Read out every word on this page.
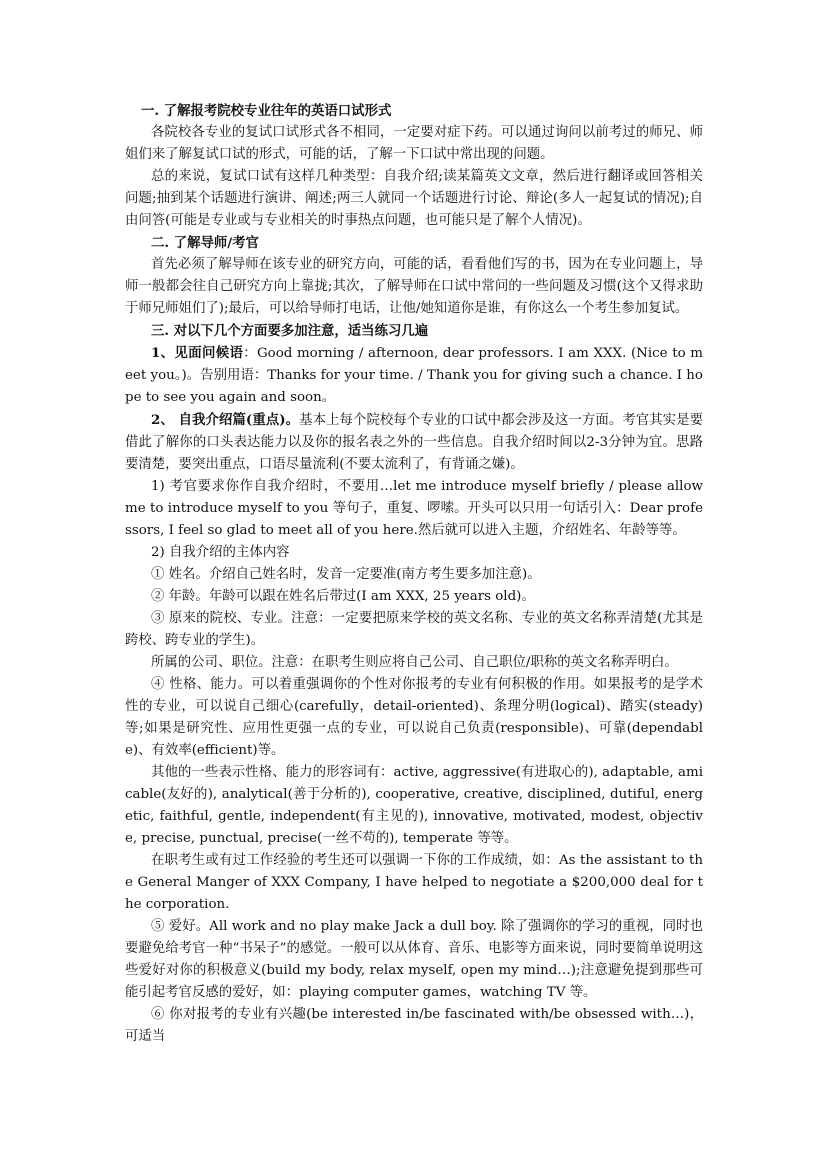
一. 了解报考院校专业往年的英语口试形式

各院校各专业的复试口试形式各不相同，一定要对症下药。可以通过询问以前考过的师兄、师姐们来了解复试口试的形式，可能的话，了解一下口试中常出现的问题。

总的来说，复试口试有这样几种类型：自我介绍;读某篇英文文章，然后进行翻译或回答相关问题;抽到某个话题进行演讲、阐述;两三人就同一个话题进行讨论、辩论(多人一起复试的情况);自由问答(可能是专业或与专业相关的时事热点问题，也可能只是了解个人情况)。

二. 了解导师/考官

首先必须了解导师在该专业的研究方向，可能的话，看看他们写的书，因为在专业问题上，导师一般都会往自己研究方向上靠拢;其次，了解导师在口试中常问的一些问题及习惯(这个又得求助于师兄师姐们了);最后，可以给导师打电话，让他/她知道你是谁，有你这么一个考生参加复试。

三. 对以下几个方面要多加注意，适当练习几遍

1、见面问候语：Good morning / afternoon, dear professors. I am XXX. (Nice to meet you。)。告别用语：Thanks for your time. / Thank you for giving such a chance. I hope to see you again and soon。

2、 自我介绍篇(重点)。基本上每个院校每个专业的口试中都会涉及这一方面。考官其实是要借此了解你的口头表达能力以及你的报名表之外的一些信息。自我介绍时间以2-3分钟为宜。思路要清楚，要突出重点，口语尽量流利(不要太流利了，有背诵之嫌)。

1) 考官要求你作自我介绍时，不要用…let me introduce myself briefly / please allow me to introduce myself to you 等句子，重复、啰嗦。开头可以只用一句话引入：Dear professors, I feel so glad to meet all of you here.然后就可以进入主题，介绍姓名、年龄等等。

2) 自我介绍的主体内容

① 姓名。介绍自己姓名时，发音一定要准(南方考生要多加注意)。

② 年龄。年龄可以跟在姓名后带过(I am XXX, 25 years old)。

③ 原来的院校、专业。注意：一定要把原来学校的英文名称、专业的英文名称弄清楚(尤其是跨校、跨专业的学生)。

所属的公司、职位。注意：在职考生则应将自己公司、自己职位/职称的英文名称弄明白。

④ 性格、能力。可以着重强调你的个性对你报考的专业有何积极的作用。如果报考的是学术性的专业，可以说自己细心(carefully，detail-oriented)、条理分明(logical)、踏实(steady)等;如果是研究性、应用性更强一点的专业，可以说自己负责(responsible)、可靠(dependable)、有效率(efficient)等。

其他的一些表示性格、能力的形容词有：active, aggressive(有进取心的), adaptable, amicable(友好的), analytical(善于分析的), cooperative, creative, disciplined, dutiful, energetic, faithful, gentle, independent(有主见的), innovative, motivated, modest, objective, precise, punctual, precise(一丝不苟的), temperate 等等。

在职考生或有过工作经验的考生还可以强调一下你的工作成绩，如：As the assistant to the General Manger of XXX Company, I have helped to negotiate a $200,000 deal for the corporation.

⑤ 爱好。All work and no play make Jack a dull boy. 除了强调你的学习的重视，同时也要避免给考官一种“书呆子”的感觉。一般可以从体育、音乐、电影等方面来说，同时要简单说明这些爱好对你的积极意义(build my body, relax myself, open my mind…);注意避免提到那些可能引起考官反感的爱好，如：playing computer games，watching TV 等。

⑥ 你对报考的专业有兴趣(be interested in/be fascinated with/be obsessed with…)，可适当
